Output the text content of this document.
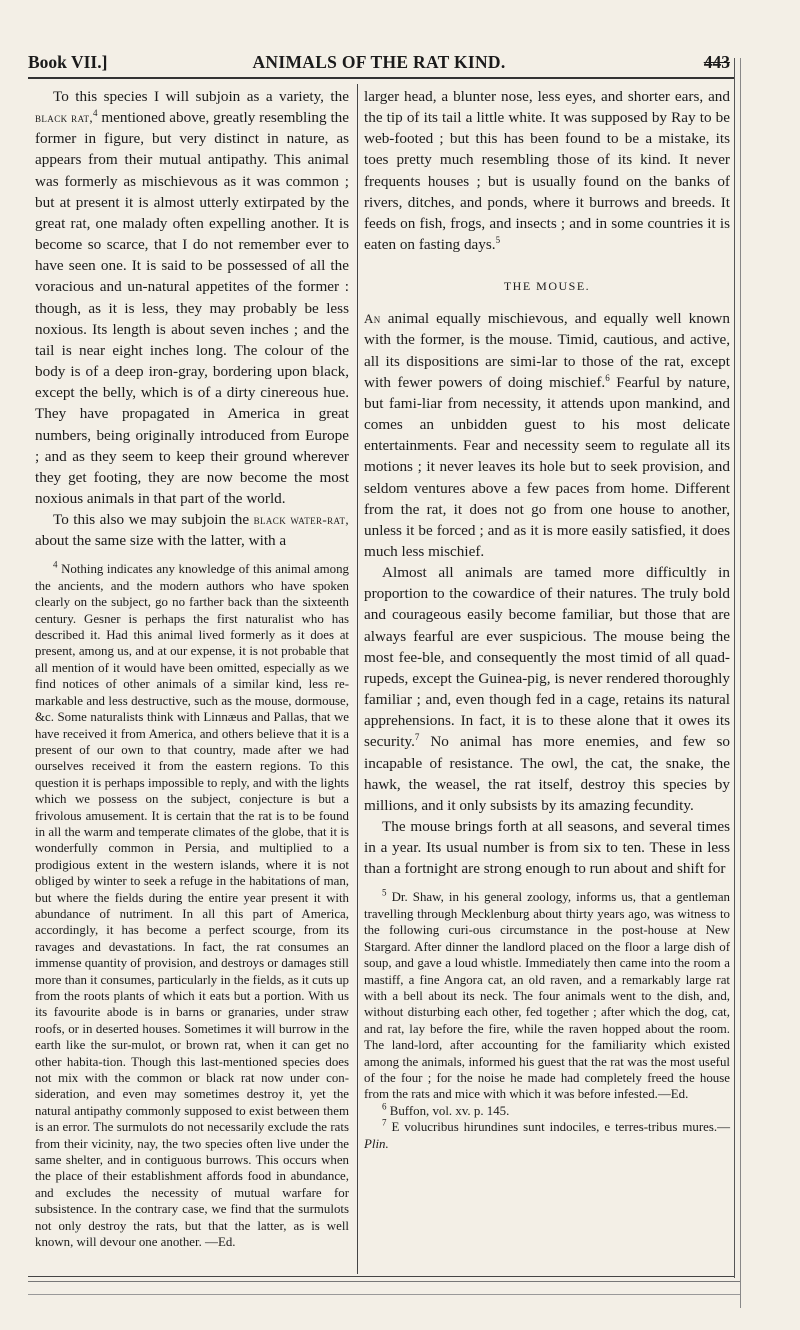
Book VII.]	ANIMALS OF THE RAT KIND.	443

To this species I will subjoin as a variety, the black rat,$^4$ mentioned above, greatly resembling the former in figure, but very distinct in nature, as appears from their mutual antipathy. This animal was formerly as mischievous as it was common ; but at present it is almost utterly extirpated by the great rat, one malady often expelling another. It is become so scarce, that I do not remember ever to have seen one. It is said to be possessed of all the voracious and un-natural appetites of the former : though, as it is less, they may probably be less noxious. Its length is about seven inches ; and the tail is near eight inches long. The colour of the body is of a deep iron-gray, bordering upon black, except the belly, which is of a dirty cinereous hue. They have propagated in America in great numbers, being originally introduced from Europe ; and as they seem to keep their ground wherever they get footing, they are now become the most noxious animals in that part of the world.

To this also we may subjoin the black water-rat, about the same size with the latter, with a

$^4$ Nothing indicates any knowledge of this animal among the ancients, and the modern authors who have spoken clearly on the subject, go no farther back than the sixteenth century. Gesner is perhaps the first naturalist who has described it. Had this animal lived formerly as it does at present, among us, and at our expense, it is not probable that all mention of it would have been omitted, especially as we find notices of other animals of a similar kind, less re-markable and less destructive, such as the mouse, dormouse, &c. Some naturalists think with Linnæus and Pallas, that we have received it from America, and others believe that it is a present of our own to that country, made after we had ourselves received it from the eastern regions. To this question it is perhaps impossible to reply, and with the lights which we possess on the subject, conjecture is but a frivolous amusement. It is certain that the rat is to be found in all the warm and temperate climates of the globe, that it is wonderfully common in Persia, and multiplied to a prodigious extent in the western islands, where it is not obliged by winter to seek a refuge in the habitations of man, but where the fields during the entire year present it with abundance of nutriment. In all this part of America, accordingly, it has become a perfect scourge, from its ravages and devastations. In fact, the rat consumes an immense quantity of provision, and destroys or damages still more than it consumes, particularly in the fields, as it cuts up from the roots plants of which it eats but a portion. With us its favourite abode is in barns or granaries, under straw roofs, or in deserted houses. Sometimes it will burrow in the earth like the sur-mulot, or brown rat, when it can get no other habita-tion. Though this last-mentioned species does not mix with the common or black rat now under con-sideration, and even may sometimes destroy it, yet the natural antipathy commonly supposed to exist between them is an error. The surmulots do not necessarily exclude the rats from their vicinity, nay, the two species often live under the same shelter, and in contiguous burrows. This occurs when the place of their establishment affords food in abundance, and excludes the necessity of mutual warfare for subsistence. In the contrary case, we find that the surmulots not only destroy the rats, but that the latter, as is well known, will devour one another. —Ed.

larger head, a blunter nose, less eyes, and shorter ears, and the tip of its tail a little white. It was supposed by Ray to be web-footed ; but this has been found to be a mistake, its toes pretty much resembling those of its kind. It never frequents houses ; but is usually found on the banks of rivers, ditches, and ponds, where it burrows and breeds. It feeds on fish, frogs, and insects ; and in some countries it is eaten on fasting days.$^5$

THE MOUSE.

An animal equally mischievous, and equally well known with the former, is the mouse. Timid, cautious, and active, all its dispositions are simi-lar to those of the rat, except with fewer powers of doing mischief.$^6$ Fearful by nature, but fami-liar from necessity, it attends upon mankind, and comes an unbidden guest to his most delicate entertainments. Fear and necessity seem to regulate all its motions ; it never leaves its hole but to seek provision, and seldom ventures above a few paces from home. Different from the rat, it does not go from one house to another, unless it be forced ; and as it is more easily satisfied, it does much less mischief.

Almost all animals are tamed more difficultly in proportion to the cowardice of their natures. The truly bold and courageous easily become familiar, but those that are always fearful are ever suspicious. The mouse being the most fee-ble, and consequently the most timid of all quad-rupeds, except the Guinea-pig, is never rendered thoroughly familiar ; and, even though fed in a cage, retains its natural apprehensions. In fact, it is to these alone that it owes its security.$^7$ No animal has more enemies, and few so incapable of resistance. The owl, the cat, the snake, the hawk, the weasel, the rat itself, destroy this species by millions, and it only subsists by its amazing fecundity.

The mouse brings forth at all seasons, and several times in a year. Its usual number is from six to ten. These in less than a fortnight are strong enough to run about and shift for

$^5$ Dr. Shaw, in his general zoology, informs us, that a gentleman travelling through Mecklenburg about thirty years ago, was witness to the following curi-ous circumstance in the post-house at New Stargard. After dinner the landlord placed on the floor a large dish of soup, and gave a loud whistle. Immediately then came into the room a mastiff, a fine Angora cat, an old raven, and a remarkably large rat with a bell about its neck. The four animals went to the dish, and, without disturbing each other, fed together ; after which the dog, cat, and rat, lay before the fire, while the raven hopped about the room. The land-lord, after accounting for the familiarity which existed among the animals, informed his guest that the rat was the most useful of the four ; for the noise he made had completely freed the house from the rats and mice with which it was before infested.—Ed.

$^6$ Buffon, vol. xv. p. 145.

$^7$ E volucribus hirundines sunt indociles, e terres-tribus mures.—Plin.
